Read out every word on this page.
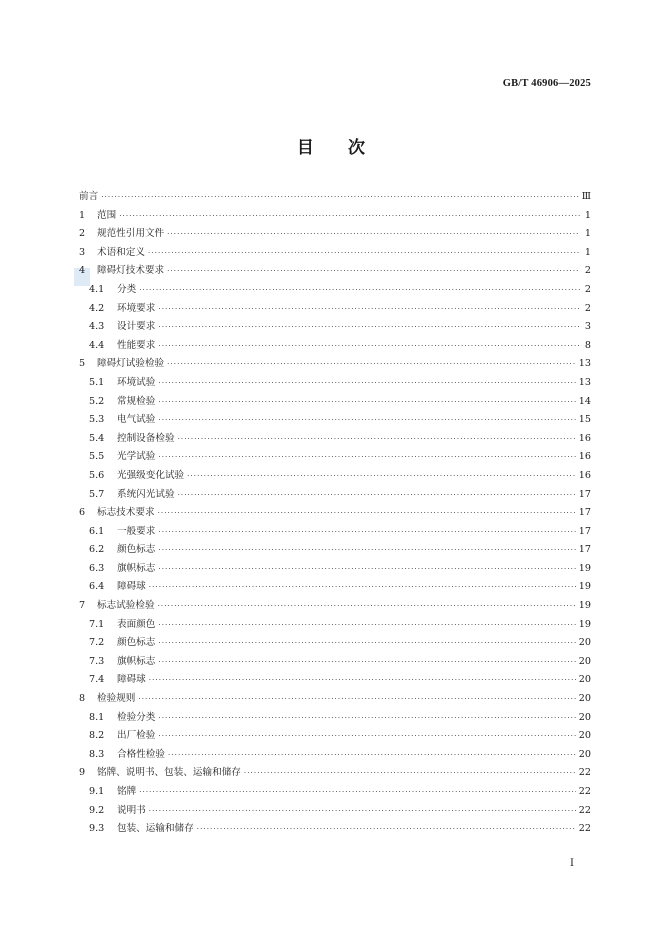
GB/T 46906—2025
目 次
前言 ·····	Ⅲ
1	范围 ·····	1
2	规范性引用文件 ·····	1
3	术语和定义 ·····	1
4	障碍灯技术要求 ·····	2
4.1	分类 ·····	2
4.2	环境要求 ·····	2
4.3	设计要求 ·····	3
4.4	性能要求 ·····	8
5	障碍灯试验检验 ·····	13
5.1	环境试验 ·····	13
5.2	常规检验 ·····	14
5.3	电气试验 ·····	15
5.4	控制设备检验 ·····	16
5.5	光学试验 ·····	16
5.6	光强级变化试验 ·····	16
5.7	系统闪光试验 ·····	17
6	标志技术要求 ·····	17
6.1	一般要求 ·····	17
6.2	颜色标志 ·····	17
6.3	旗帜标志 ·····	19
6.4	障碍球 ·····	19
7	标志试验检验 ·····	19
7.1	表面颜色 ·····	19
7.2	颜色标志 ·····	20
7.3	旗帜标志 ·····	20
7.4	障碍球 ·····	20
8	检验规则 ·····	20
8.1	检验分类 ·····	20
8.2	出厂检验 ·····	20
8.3	合格性检验 ·····	20
9	铭牌、说明书、包装、运输和储存 ·····	22
9.1	铭牌 ·····	22
9.2	说明书 ·····	22
9.3	包装、运输和储存 ·····	22
I
